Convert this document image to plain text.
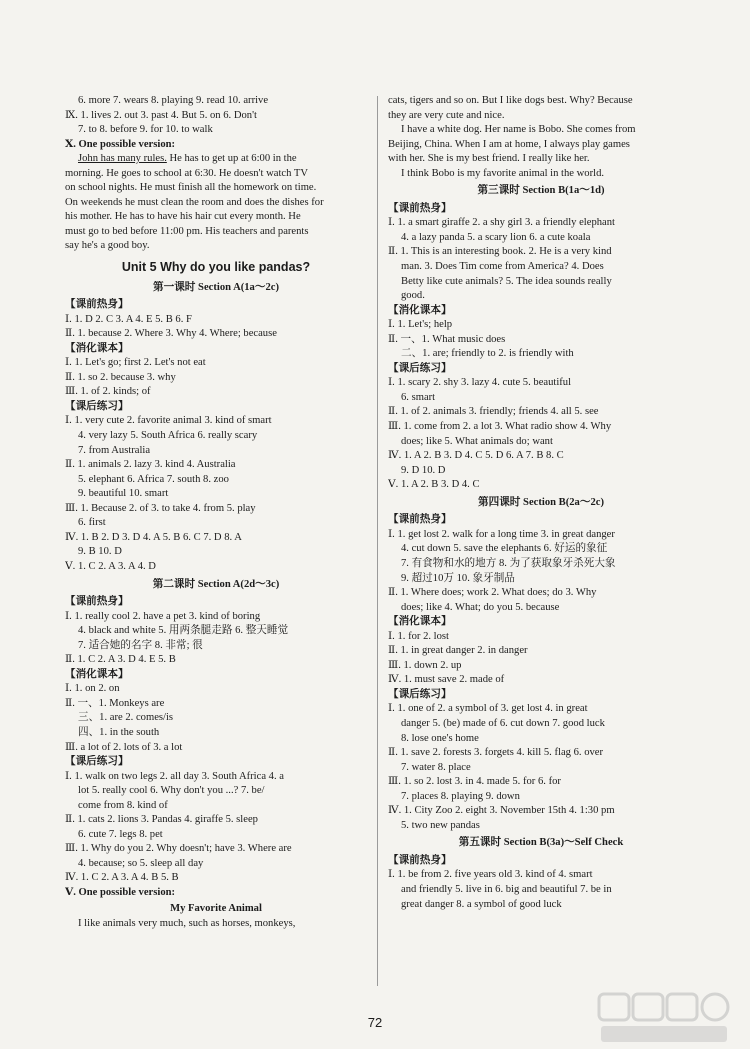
6. more 7. wears 8. playing 9. read 10. arrive
Ⅸ. 1. lives 2. out 3. past 4. But 5. on 6. Don't
7. to 8. before 9. for 10. to walk
Ⅹ. One possible version:
John has many rules. He has to get up at 6:00 in the
morning. He goes to school at 6:30. He doesn't watch TV
on school nights. He must finish all the homework on time.
On weekends he must clean the room and does the dishes for
his mother. He has to have his hair cut every month. He
must go to bed before 11:00 pm. His teachers and parents
say he's a good boy.
Unit 5 Why do you like pandas?
第一课时 Section A(1a～2c)
【课前热身】
Ⅰ. 1. D 2. C 3. A 4. E 5. B 6. F
Ⅱ. 1. because 2. Where 3. Why 4. Where; because
【消化课本】
Ⅰ. 1. Let's go; first 2. Let's not eat
Ⅱ. 1. so 2. because 3. why
Ⅲ. 1. of 2. kinds; of
【课后练习】
Ⅰ. 1. very cute 2. favorite animal 3. kind of smart
4. very lazy 5. South Africa 6. really scary
7. from Australia
Ⅱ. 1. animals 2. lazy 3. kind 4. Australia
5. elephant 6. Africa 7. south 8. zoo
9. beautiful 10. smart
Ⅲ. 1. Because 2. of 3. to take 4. from 5. play
6. first
Ⅳ. 1. B 2. D 3. D 4. A 5. B 6. C 7. D 8. A
9. B 10. D
Ⅴ. 1. C 2. A 3. A 4. D
第二课时 Section A(2d～3c)
【课前热身】
Ⅰ. 1. really cool 2. have a pet 3. kind of boring
4. black and white 5. 用两条腿走路 6. 整天睡觉
7. 适合她的名字 8. 非常; 很
Ⅱ. 1. C 2. A 3. D 4. E 5. B
【消化课本】
Ⅰ. 1. on 2. on
Ⅱ. 一、1. Monkeys are
三、1. are 2. comes/is
四、1. in the south
Ⅲ. a lot of 2. lots of 3. a lot
【课后练习】
Ⅰ. 1. walk on two legs 2. all day 3. South Africa 4. a
lot 5. really cool 6. Why don't you ...? 7. be/
come from 8. kind of
Ⅱ. 1. cats 2. lions 3. Pandas 4. giraffe 5. sleep
6. cute 7. legs 8. pet
Ⅲ. 1. Why do you 2. Why doesn't; have 3. Where are
4. because; so 5. sleep all day
Ⅳ. 1. C 2. A 3. A 4. B 5. B
Ⅴ. One possible version:
My Favorite Animal
I like animals very much, such as horses, monkeys,
cats, tigers and so on. But I like dogs best. Why? Because
they are very cute and nice.
I have a white dog. Her name is Bobo. She comes from
Beijing, China. When I am at home, I always play games
with her. She is my best friend. I really like her.
I think Bobo is my favorite animal in the world.
第三课时 Section B(1a～1d)
【课前热身】
Ⅰ. 1. a smart giraffe 2. a shy girl 3. a friendly elephant
4. a lazy panda 5. a scary lion 6. a cute koala
Ⅱ. 1. This is an interesting book. 2. He is a very kind
man. 3. Does Tim come from America? 4. Does
Betty like cute animals? 5. The idea sounds really
good.
【消化课本】
Ⅰ. 1. Let's; help
Ⅱ. 一、1. What music does
二、1. are; friendly to 2. is friendly with
【课后练习】
Ⅰ. 1. scary 2. shy 3. lazy 4. cute 5. beautiful
6. smart
Ⅱ. 1. of 2. animals 3. friendly; friends 4. all 5. see
Ⅲ. 1. come from 2. a lot 3. What radio show 4. Why
does; like 5. What animals do; want
Ⅳ. 1. A 2. B 3. D 4. C 5. D 6. A 7. B 8. C
9. D 10. D
Ⅴ. 1. A 2. B 3. D 4. C
第四课时 Section B(2a～2c)
【课前热身】
Ⅰ. 1. get lost 2. walk for a long time 3. in great danger
4. cut down 5. save the elephants 6. 好运的象征
7. 有食物和水的地方 8. 为了获取象牙杀死大象
9. 超过10万 10. 象牙制品
Ⅱ. 1. Where does; work 2. What does; do 3. Why
does; like 4. What; do you 5. because
【消化课本】
Ⅰ. 1. for 2. lost
Ⅱ. 1. in great danger 2. in danger
Ⅲ. 1. down 2. up
Ⅳ. 1. must save 2. made of
【课后练习】
Ⅰ. 1. one of 2. a symbol of 3. get lost 4. in great
danger 5. (be) made of 6. cut down 7. good luck
8. lose one's home
Ⅱ. 1. save 2. forests 3. forgets 4. kill 5. flag 6. over
7. water 8. place
Ⅲ. 1. so 2. lost 3. in 4. made 5. for 6. for
7. places 8. playing 9. down
Ⅳ. 1. City Zoo 2. eight 3. November 15th 4. 1:30 pm
5. two new pandas
第五课时 Section B(3a)～Self Check
【课前热身】
Ⅰ. 1. be from 2. five years old 3. kind of 4. smart
and friendly 5. live in 6. big and beautiful 7. be in
great danger 8. a symbol of good luck
72
